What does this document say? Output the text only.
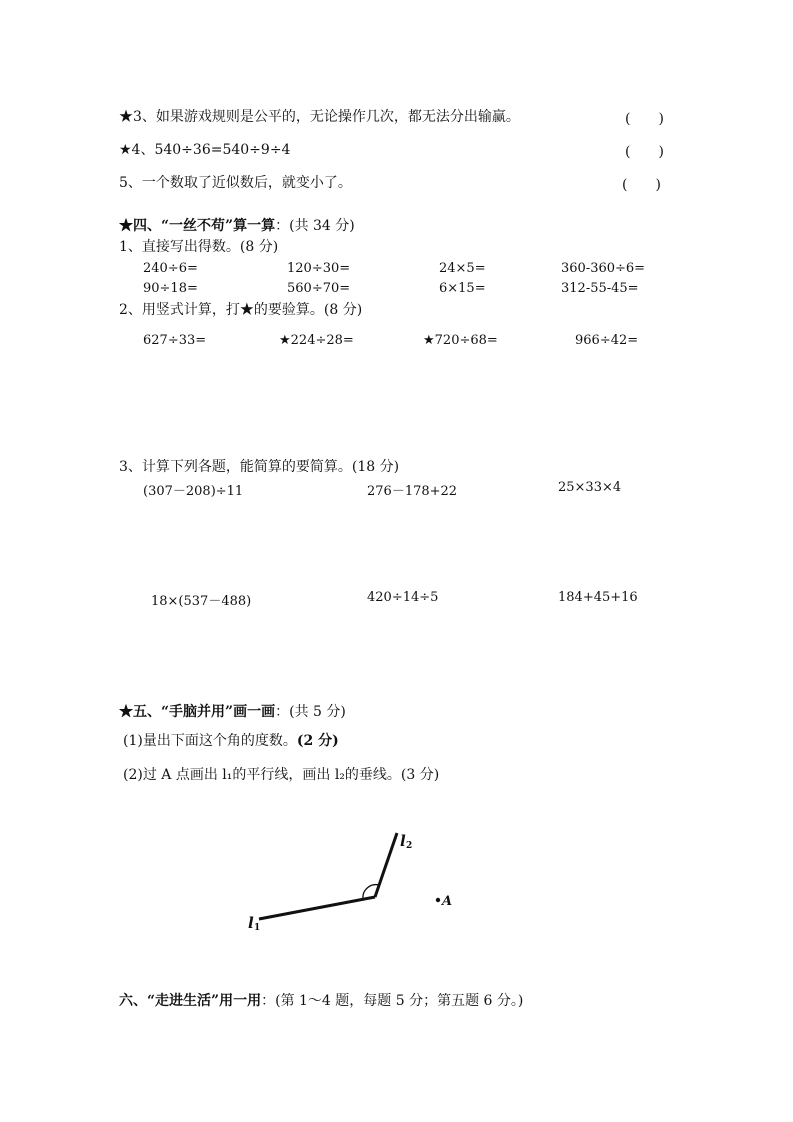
★3、如果游戏规则是公平的，无论操作几次，都无法分出输赢。	(　　)
★4、540÷36=540÷9÷4	(　　)
5、一个数取了近似数后，就变小了。	(　　)
★四、“一丝不苟”算一算：(共 34 分)
1、直接写出得数。(8 分)
240÷6=	120÷30=	24×5=	360-360÷6=
90÷18=	560÷70=	6×15=	312-55-45=
2、用竖式计算，打★的要验算。(8 分)
627÷33=	★224÷28=	★720÷68=	966÷42=
3、计算下列各题，能简算的要简算。(18 分)
(307－208)÷11	276－178+22	25×33×4
18×(537－488)	420÷14÷5	184+45+16
★五、“手脑并用”画一画：(共 5 分)
(1)量出下面这个角的度数。(2 分)
(2)过 A 点画出 l₁的平行线，画出 l₂的垂线。(3 分)
l 1
l 2
A
六、“走进生活”用一用：(第 1～4 题，每题 5 分；第五题 6 分。)
